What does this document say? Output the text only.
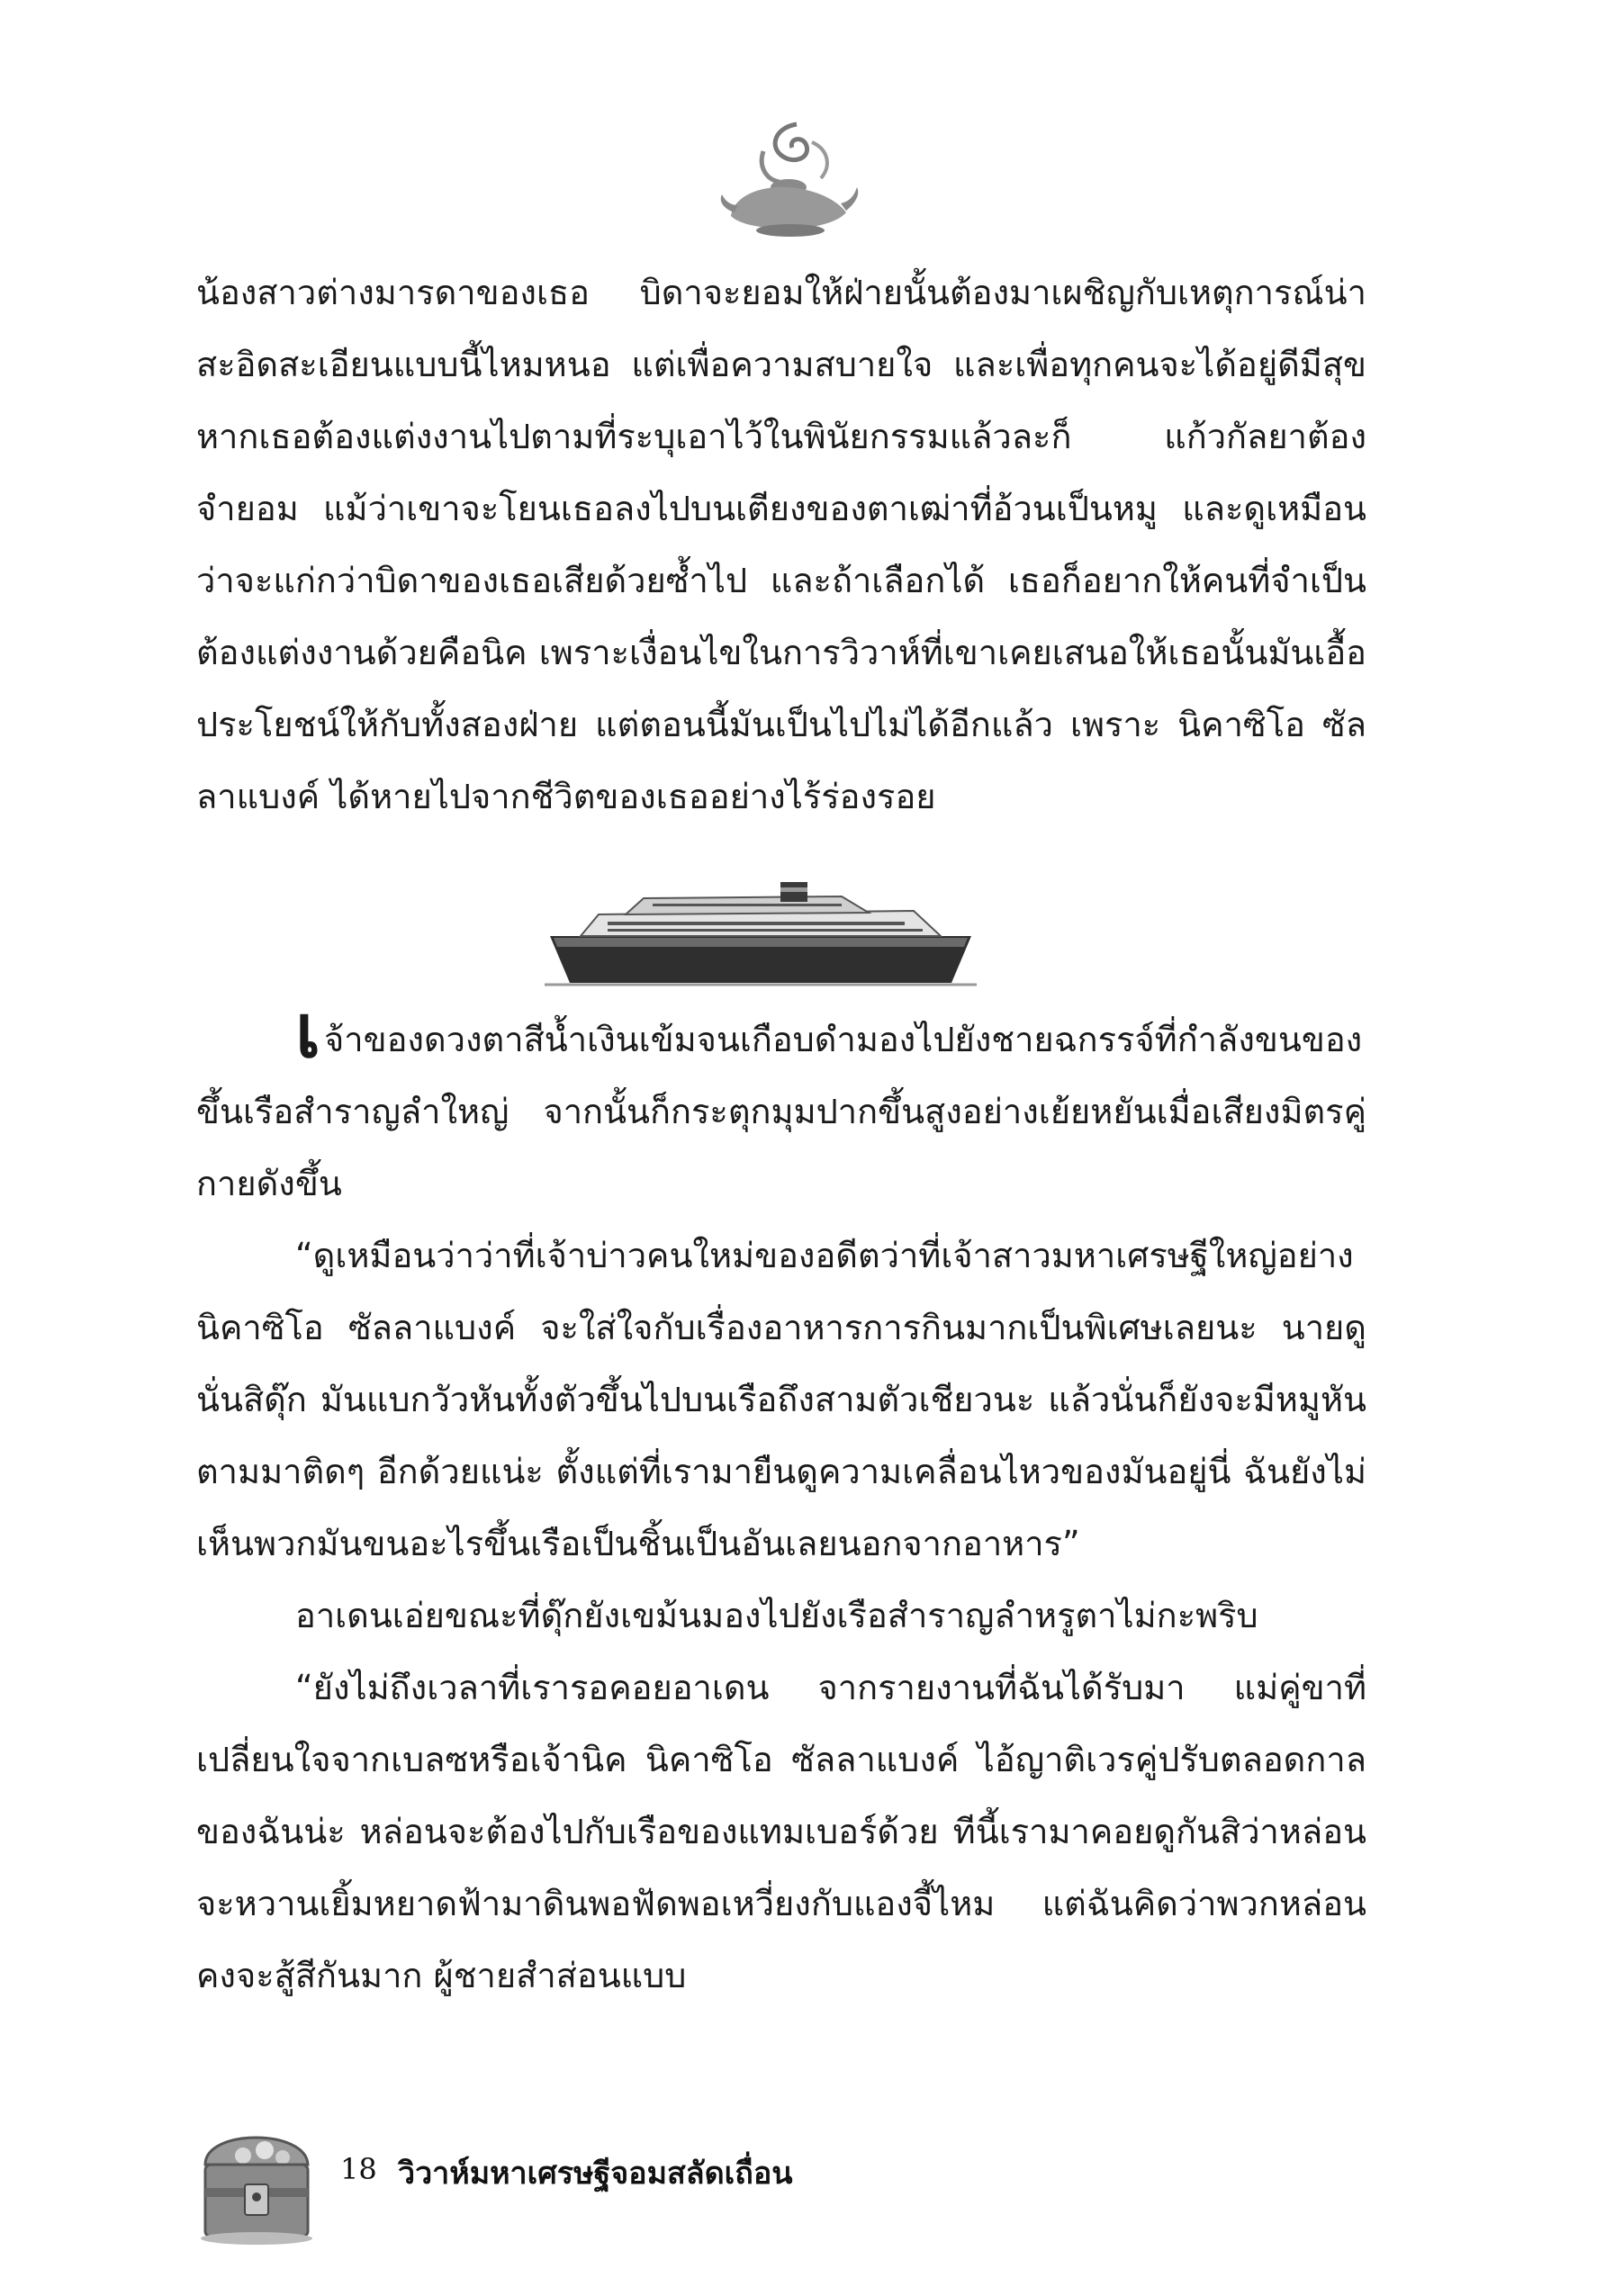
น้องสาวต่างมารดาของเธอ บิดาจะยอมให้ฝ่ายนั้นต้องมาเผชิญกับเหตุการณ์น่าสะอิดสะเอียนแบบนี้ไหมหนอ แต่เพื่อความสบายใจ และเพื่อทุกคนจะได้อยู่ดีมีสุขหากเธอต้องแต่งงานไปตามที่ระบุเอาไว้ในพินัยกรรมแล้วละก็ แก้วกัลยาต้องจำยอม แม้ว่าเขาจะโยนเธอลงไปบนเตียงของตาเฒ่าที่อ้วนเป็นหมู และดูเหมือนว่าจะแก่กว่าบิดาของเธอเสียด้วยซ้ำไป และถ้าเลือกได้ เธอก็อยากให้คนที่จำเป็นต้องแต่งงานด้วยคือนิค เพราะเงื่อนไขในการวิวาห์ที่เขาเคยเสนอให้เธอนั้นมันเอื้อประโยชน์ให้กับทั้งสองฝ่าย แต่ตอนนี้มันเป็นไปไม่ได้อีกแล้ว เพราะ นิคาซิโอ ซัลลาแบงค์ ได้หายไปจากชีวิตของเธออย่างไร้ร่องรอย

เจ้าของดวงตาสีน้ำเงินเข้มจนเกือบดำมองไปยังชายฉกรรจ์ที่กำลังขนของขึ้นเรือสำราญลำใหญ่ จากนั้นก็กระตุกมุมปากขึ้นสูงอย่างเย้ยหยันเมื่อเสียงมิตรคู่กายดังขึ้น

“ดูเหมือนว่าว่าที่เจ้าบ่าวคนใหม่ของอดีตว่าที่เจ้าสาวมหาเศรษฐีใหญ่อย่าง นิคาซิโอ ซัลลาแบงค์ จะใส่ใจกับเรื่องอาหารการกินมากเป็นพิเศษเลยนะ นายดูนั่นสิดุ๊ก มันแบกวัวหันทั้งตัวขึ้นไปบนเรือถึงสามตัวเชียวนะ แล้วนั่นก็ยังจะมีหมูหันตามมาติดๆ อีกด้วยแน่ะ ตั้งแต่ที่เรามายืนดูความเคลื่อนไหวของมันอยู่นี่ ฉันยังไม่เห็นพวกมันขนอะไรขึ้นเรือเป็นชิ้นเป็นอันเลยนอกจากอาหาร”

อาเดนเอ่ยขณะที่ดุ๊กยังเขม้นมองไปยังเรือสำราญลำหรูตาไม่กะพริบ

“ยังไม่ถึงเวลาที่เรารอคอยอาเดน จากรายงานที่ฉันได้รับมา แม่คู่ขาที่เปลี่ยนใจจากเบลซหรือเจ้านิค นิคาซิโอ ซัลลาแบงค์ ไอ้ญาติเวรคู่ปรับตลอดกาลของฉันน่ะ หล่อนจะต้องไปกับเรือของแทมเบอร์ด้วย ทีนี้เรามาคอยดูกันสิว่าหล่อนจะหวานเยิ้มหยาดฟ้ามาดินพอฟัดพอเหวี่ยงกับแองจี้ไหม แต่ฉันคิดว่าพวกหล่อนคงจะสู้สีกันมาก ผู้ชายสำส่อนแบบ

18 วิวาห์มหาเศรษฐีจอมสลัดเถื่อน
